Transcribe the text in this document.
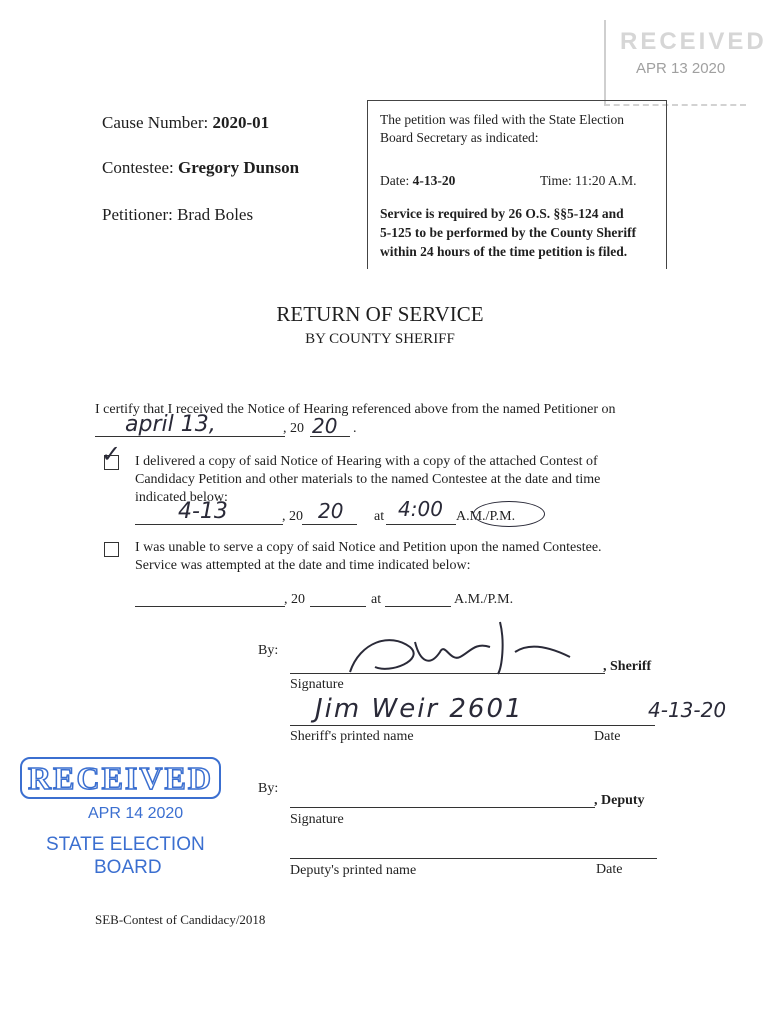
RECEIVED
APR 13 2020
Cause Number: 2020-01
Contestee: Gregory Dunson
Petitioner: Brad Boles
The petition was filed with the State Election
Board Secretary as indicated:
Date: 4-13-20	Time: 11:20 A.M.
Service is required by 26 O.S. §§5-124 and
5-125 to be performed by the County Sheriff
within 24 hours of the time petition is filed.
RETURN OF SERVICE
BY COUNTY SHERIFF
I certify that I received the Notice of Hearing referenced above from the named Petitioner on
april 13,	, 20 20 .
✓ I delivered a copy of said Notice of Hearing with a copy of the attached Contest of
Candidacy Petition and other materials to the named Contestee at the date and time
indicated below:
4-13	, 20 20 at 4:00 A.M./P.M.
I was unable to serve a copy of said Notice and Petition upon the named Contestee.
Service was attempted at the date and time indicated below:
, 20	at	A.M./P.M.
By:
, Sheriff
Signature
Jim Weir 2601	4-13-20
Sheriff's printed name	Date
By:
, Deputy
Signature
Deputy's printed name	Date
RECEIVED
APR 14 2020
STATE ELECTION
BOARD
SEB-Contest of Candidacy/2018
